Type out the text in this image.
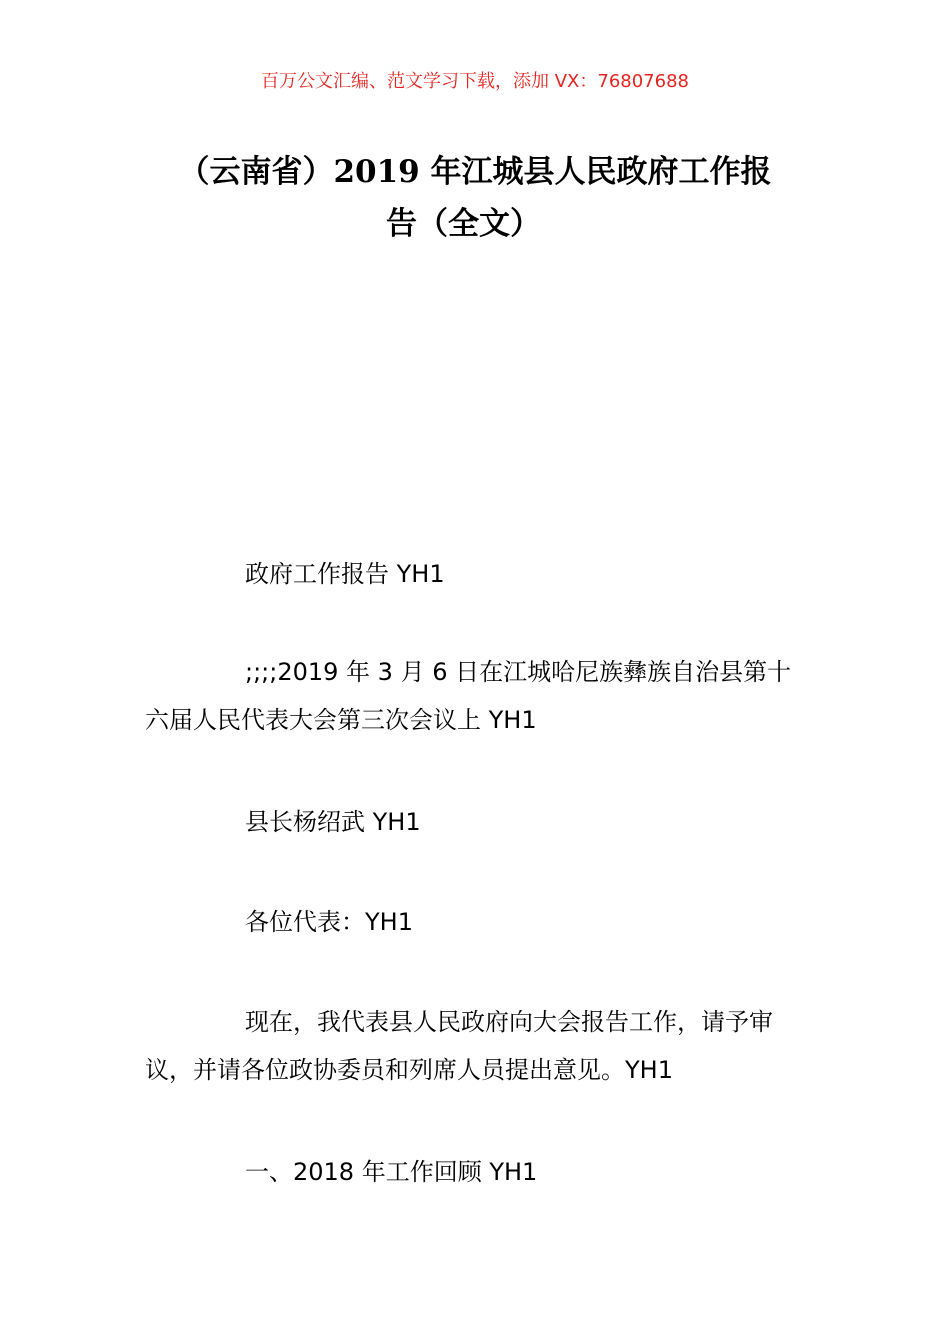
百万公文汇编、范文学习下载，添加 VX：76807688
（云南省）2019 年江城县人民政府工作报
告（全文）

政府工作报告 YH1

;;;;2019 年 3 月 6 日在江城哈尼族彝族自治县第十六届人民代表大会第三次会议上 YH1

县长杨绍武 YH1

各位代表：YH1

现在，我代表县人民政府向大会报告工作，请予审议，并请各位政协委员和列席人员提出意见。YH1

一、2018 年工作回顾 YH1
